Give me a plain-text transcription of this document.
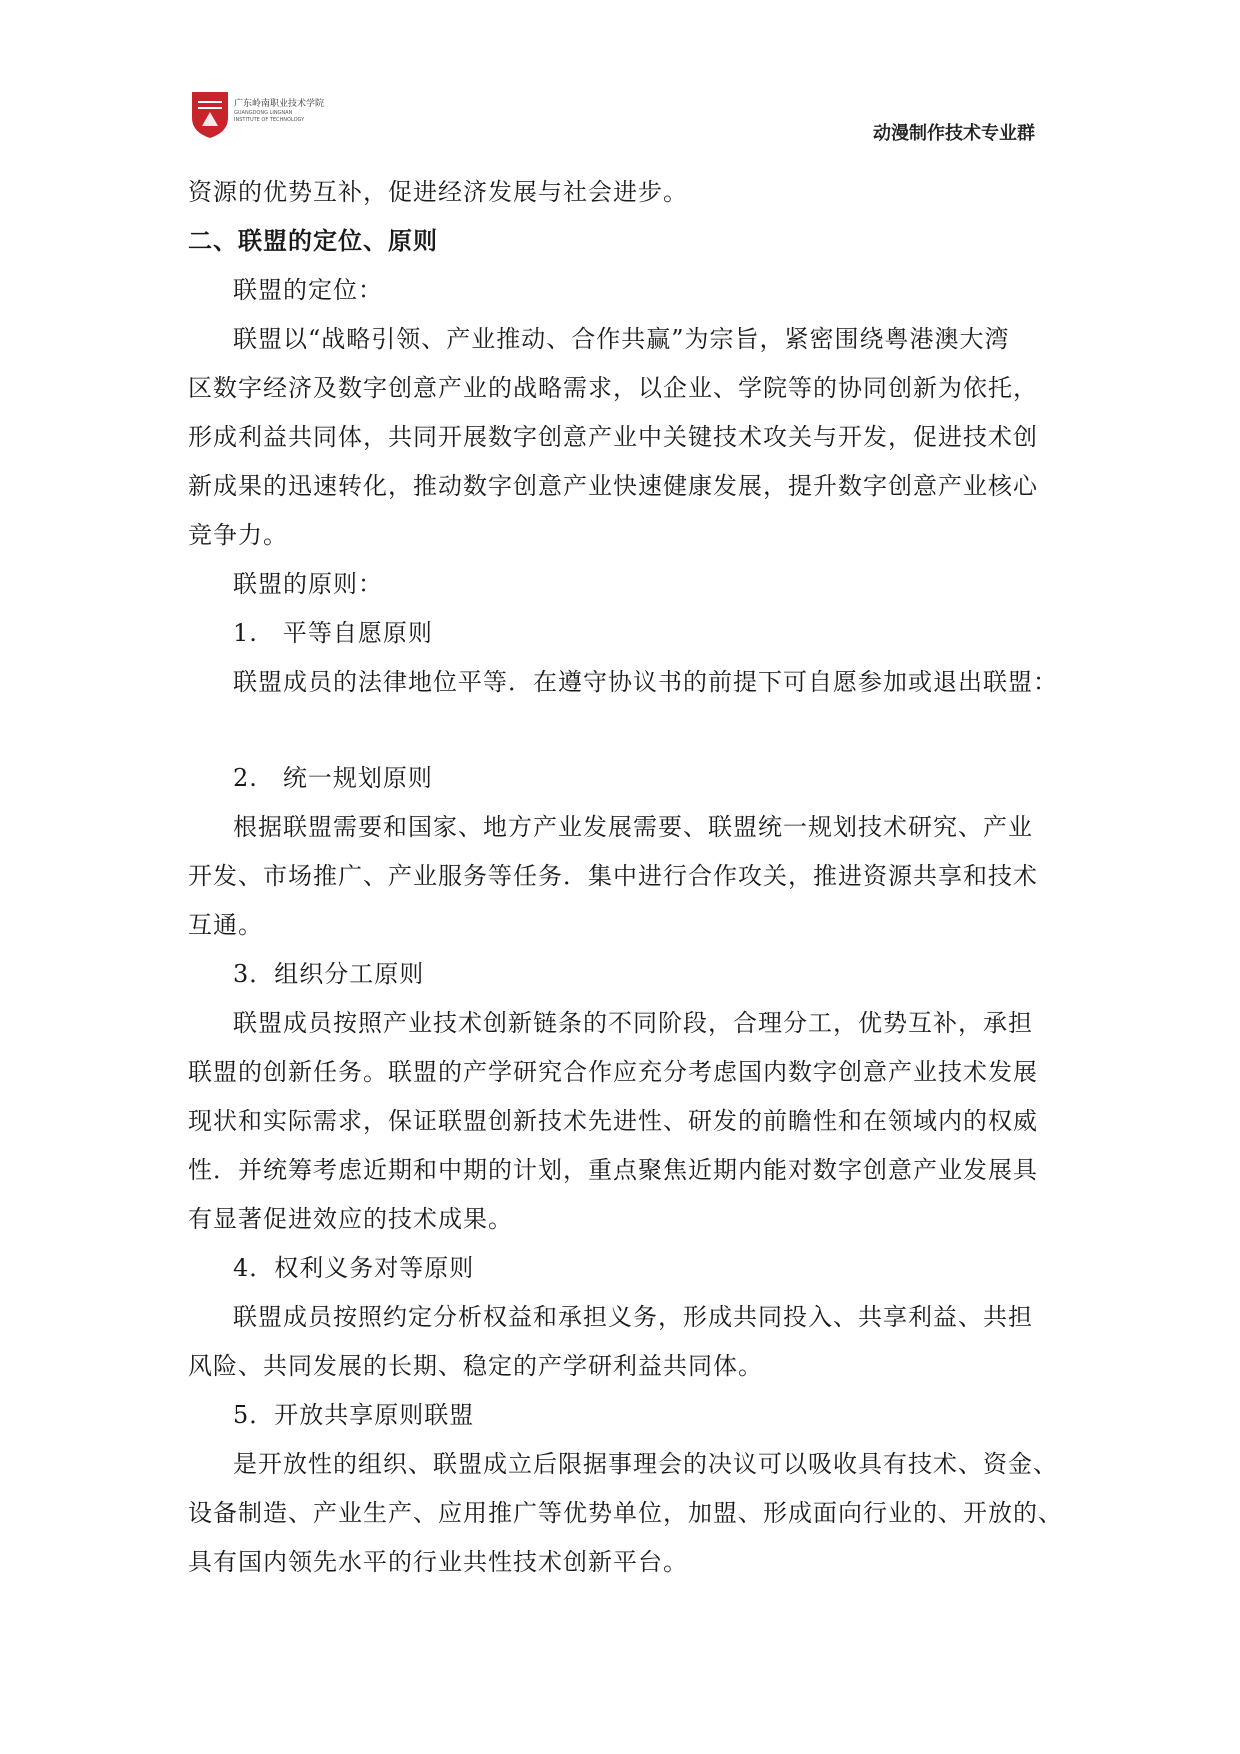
广东岭南职业技术学院
GUANGDONG LINGNAN
INSTITUTE OF TECHNOLOGY
动漫制作技术专业群
资源的优势互补，促进经济发展与社会进步。
二、联盟的定位、原则
联盟的定位：
联盟以“战略引领、产业推动、合作共赢”为宗旨，紧密围绕粤港澳大湾
区数字经济及数字创意产业的战略需求，以企业、学院等的协同创新为依托，
形成利益共同体，共同开展数字创意产业中关键技术攻关与开发，促进技术创
新成果的迅速转化，推动数字创意产业快速健康发展，提升数字创意产业核心
竞争力。
联盟的原则：
1.　平等自愿原则
联盟成员的法律地位平等．在遵守协议书的前提下可自愿参加或退出联盟：
2.　统一规划原则
根据联盟需要和国家、地方产业发展需要、联盟统一规划技术研究、产业
开发、市场推广、产业服务等任务．集中进行合作攻关，推进资源共享和技术
互通。
3．组织分工原则
联盟成员按照产业技术创新链条的不同阶段，合理分工，优势互补，承担
联盟的创新任务。联盟的产学研究合作应充分考虑国内数字创意产业技术发展
现状和实际需求，保证联盟创新技术先进性、研发的前瞻性和在领域内的权威
性．并统筹考虑近期和中期的计划，重点聚焦近期内能对数字创意产业发展具
有显著促进效应的技术成果。
4．权利义务对等原则
联盟成员按照约定分析权益和承担义务，形成共同投入、共享利益、共担
风险、共同发展的长期、稳定的产学研利益共同体。
5．开放共享原则联盟
是开放性的组织、联盟成立后限据事理会的决议可以吸收具有技术、资金、
设备制造、产业生产、应用推广等优势单位，加盟、形成面向行业的、开放的、
具有国内领先水平的行业共性技术创新平台。
